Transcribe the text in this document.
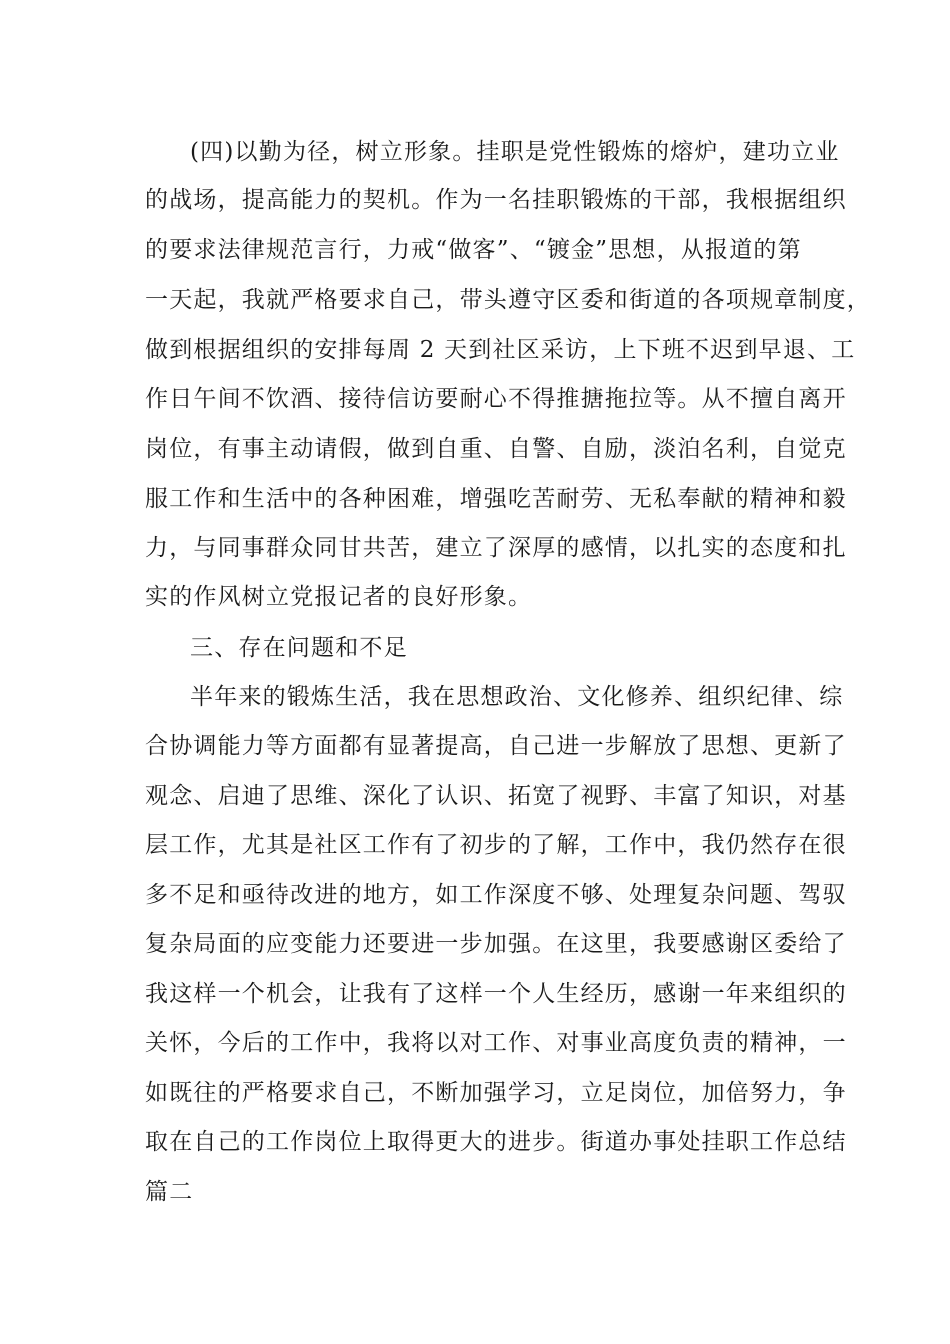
(四)以勤为径，树立形象。挂职是党性锻炼的熔炉，建功立业
的战场，提高能力的契机。作为一名挂职锻炼的干部，我根据组织
的要求法律规范言行，力戒“做客”、“镀金”思想，从报道的第
一天起，我就严格要求自己，带头遵守区委和街道的各项规章制度，
做到根据组织的安排每周 2 天到社区采访，上下班不迟到早退、工
作日午间不饮酒、接待信访要耐心不得推搪拖拉等。从不擅自离开
岗位，有事主动请假，做到自重、自警、自励，淡泊名利，自觉克
服工作和生活中的各种困难，增强吃苦耐劳、无私奉献的精神和毅
力，与同事群众同甘共苦，建立了深厚的感情，以扎实的态度和扎
实的作风树立党报记者的良好形象。
三、存在问题和不足
半年来的锻炼生活，我在思想政治、文化修养、组织纪律、综
合协调能力等方面都有显著提高，自己进一步解放了思想、更新了
观念、启迪了思维、深化了认识、拓宽了视野、丰富了知识，对基
层工作，尤其是社区工作有了初步的了解，工作中，我仍然存在很
多不足和亟待改进的地方，如工作深度不够、处理复杂问题、驾驭
复杂局面的应变能力还要进一步加强。在这里，我要感谢区委给了
我这样一个机会，让我有了这样一个人生经历，感谢一年来组织的
关怀，今后的工作中，我将以对工作、对事业高度负责的精神，一
如既往的严格要求自己，不断加强学习，立足岗位，加倍努力，争
取在自己的工作岗位上取得更大的进步。街道办事处挂职工作总结
篇二
